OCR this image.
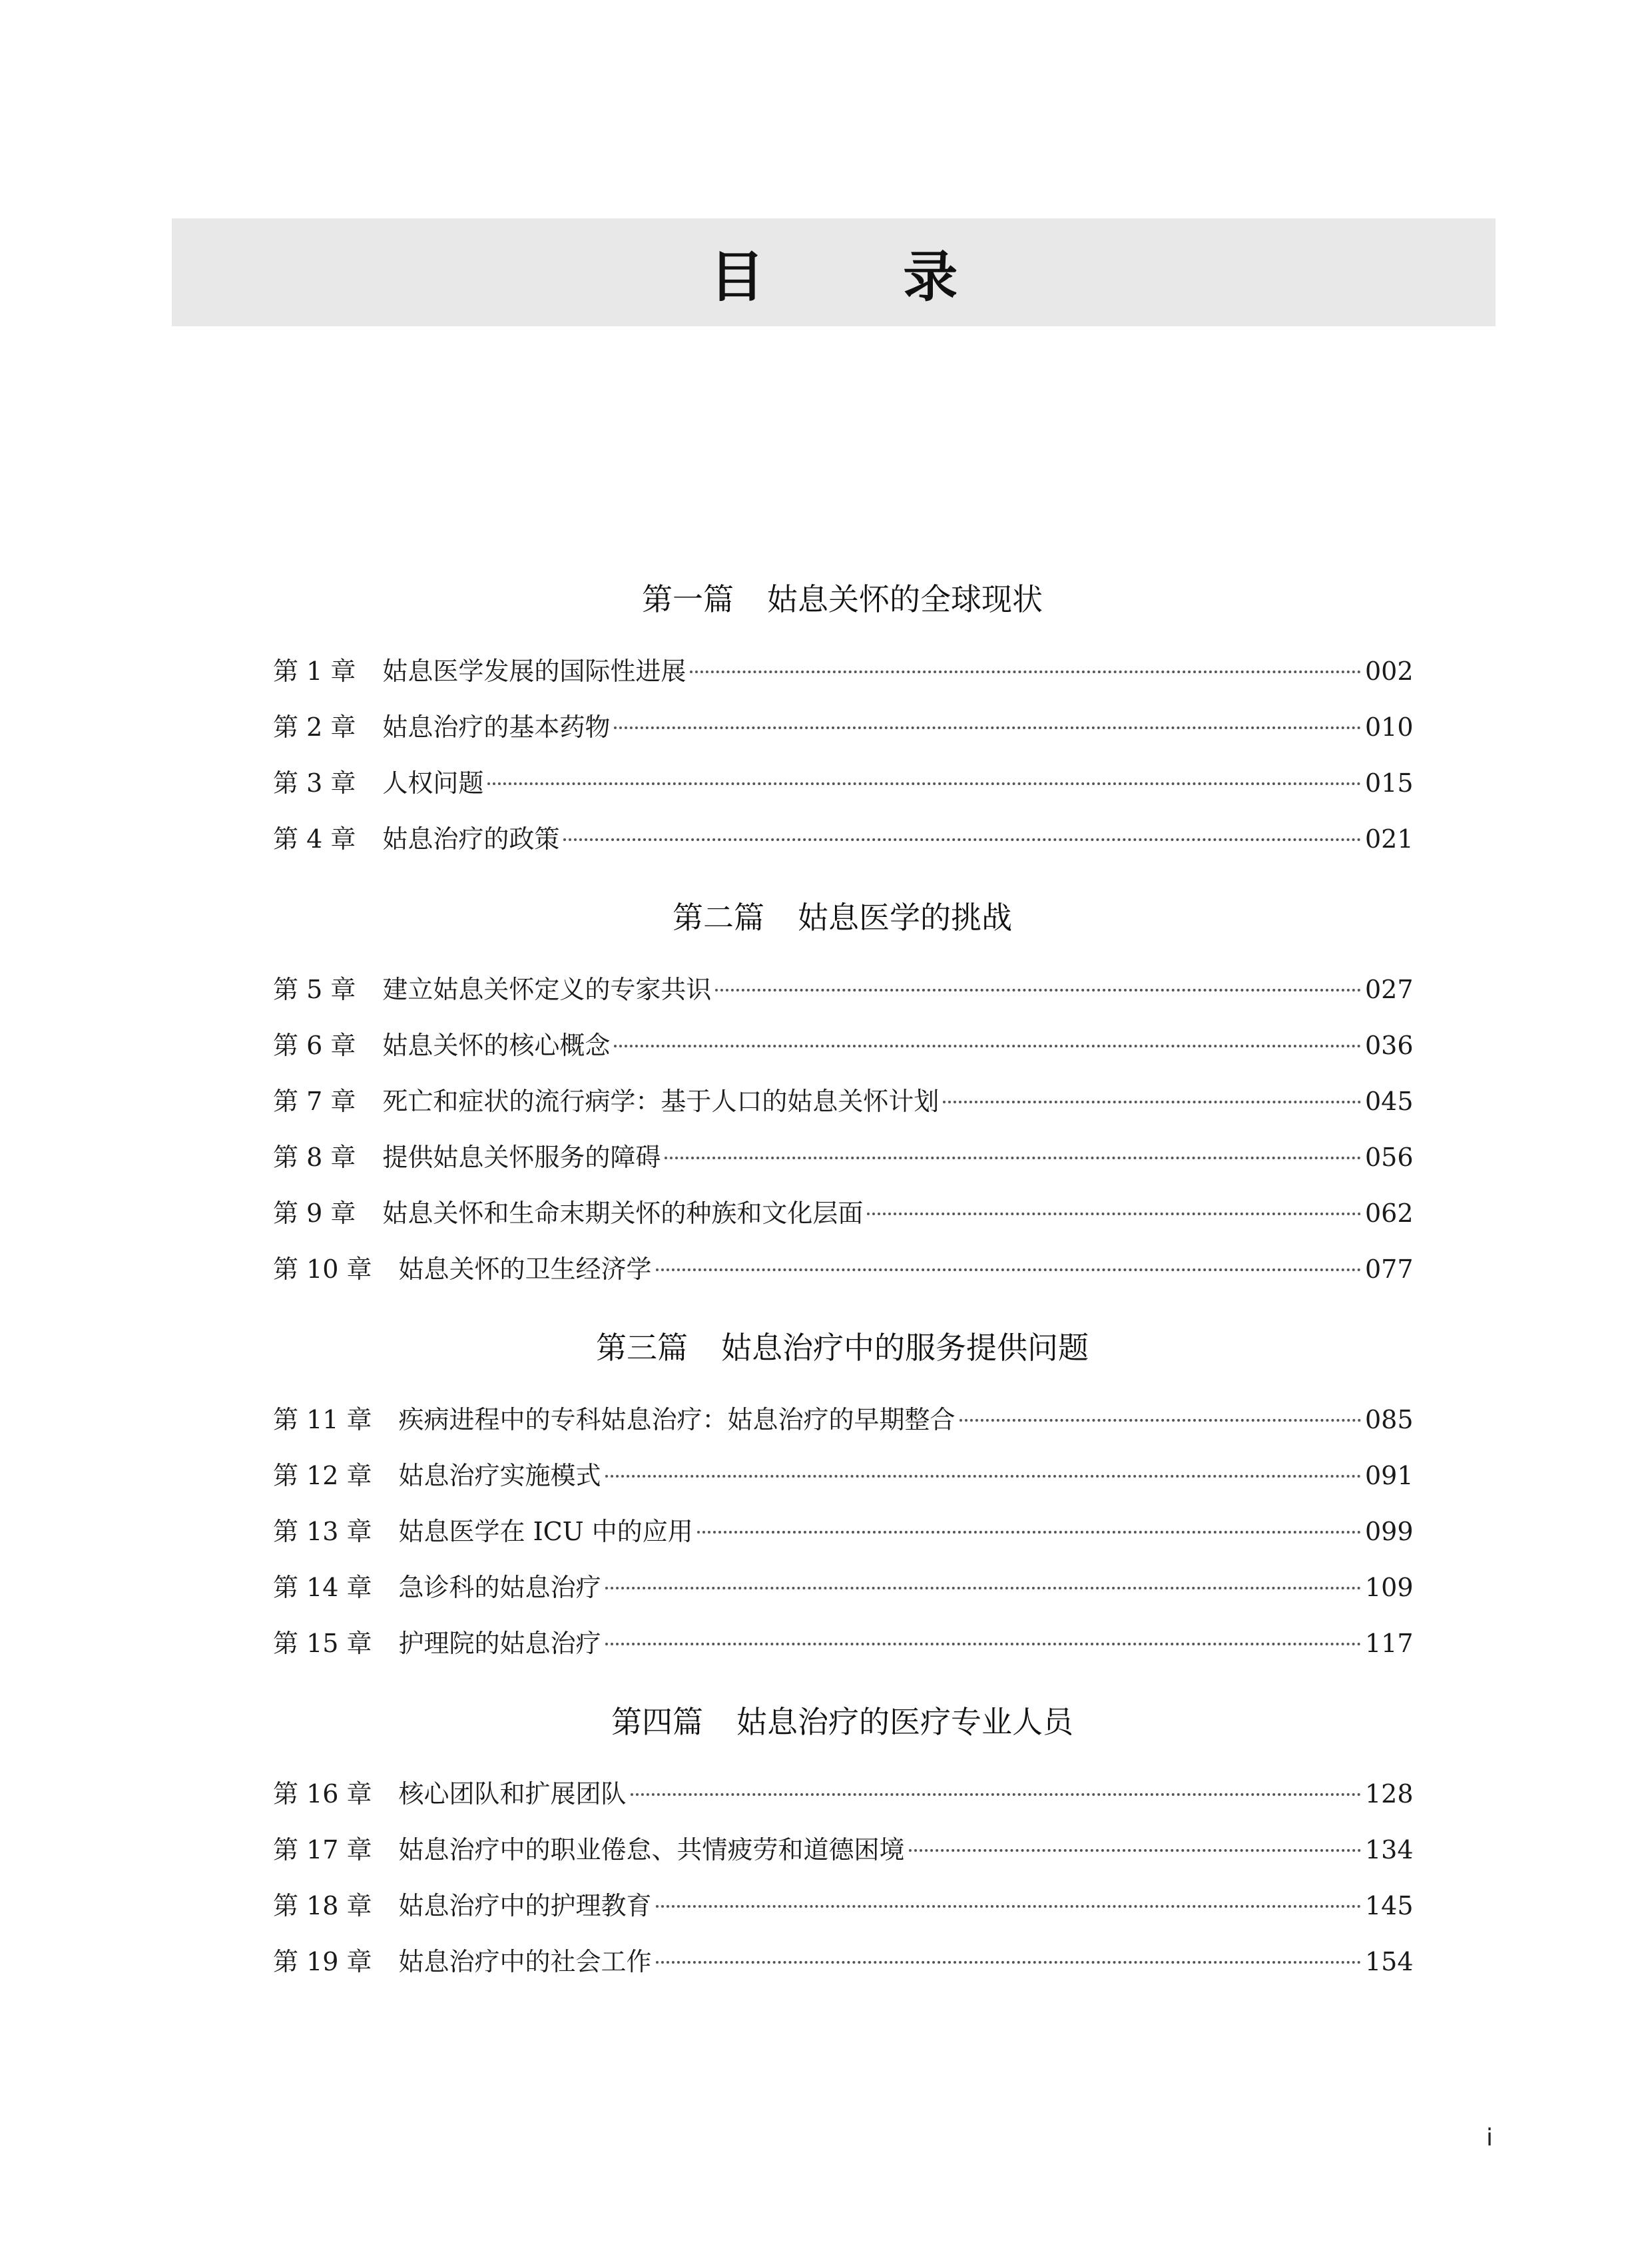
目 录
第一篇 姑息关怀的全球现状
第 1 章 姑息医学发展的国际性进展	002
第 2 章 姑息治疗的基本药物	010
第 3 章 人权问题	015
第 4 章 姑息治疗的政策	021
第二篇 姑息医学的挑战
第 5 章 建立姑息关怀定义的专家共识	027
第 6 章 姑息关怀的核心概念	036
第 7 章 死亡和症状的流行病学：基于人口的姑息关怀计划	045
第 8 章 提供姑息关怀服务的障碍	056
第 9 章 姑息关怀和生命末期关怀的种族和文化层面	062
第 10 章 姑息关怀的卫生经济学	077
第三篇 姑息治疗中的服务提供问题
第 11 章 疾病进程中的专科姑息治疗：姑息治疗的早期整合	085
第 12 章 姑息治疗实施模式	091
第 13 章 姑息医学在 ICU 中的应用	099
第 14 章 急诊科的姑息治疗	109
第 15 章 护理院的姑息治疗	117
第四篇 姑息治疗的医疗专业人员
第 16 章 核心团队和扩展团队	128
第 17 章 姑息治疗中的职业倦怠、共情疲劳和道德困境	134
第 18 章 姑息治疗中的护理教育	145
第 19 章 姑息治疗中的社会工作	154
i
